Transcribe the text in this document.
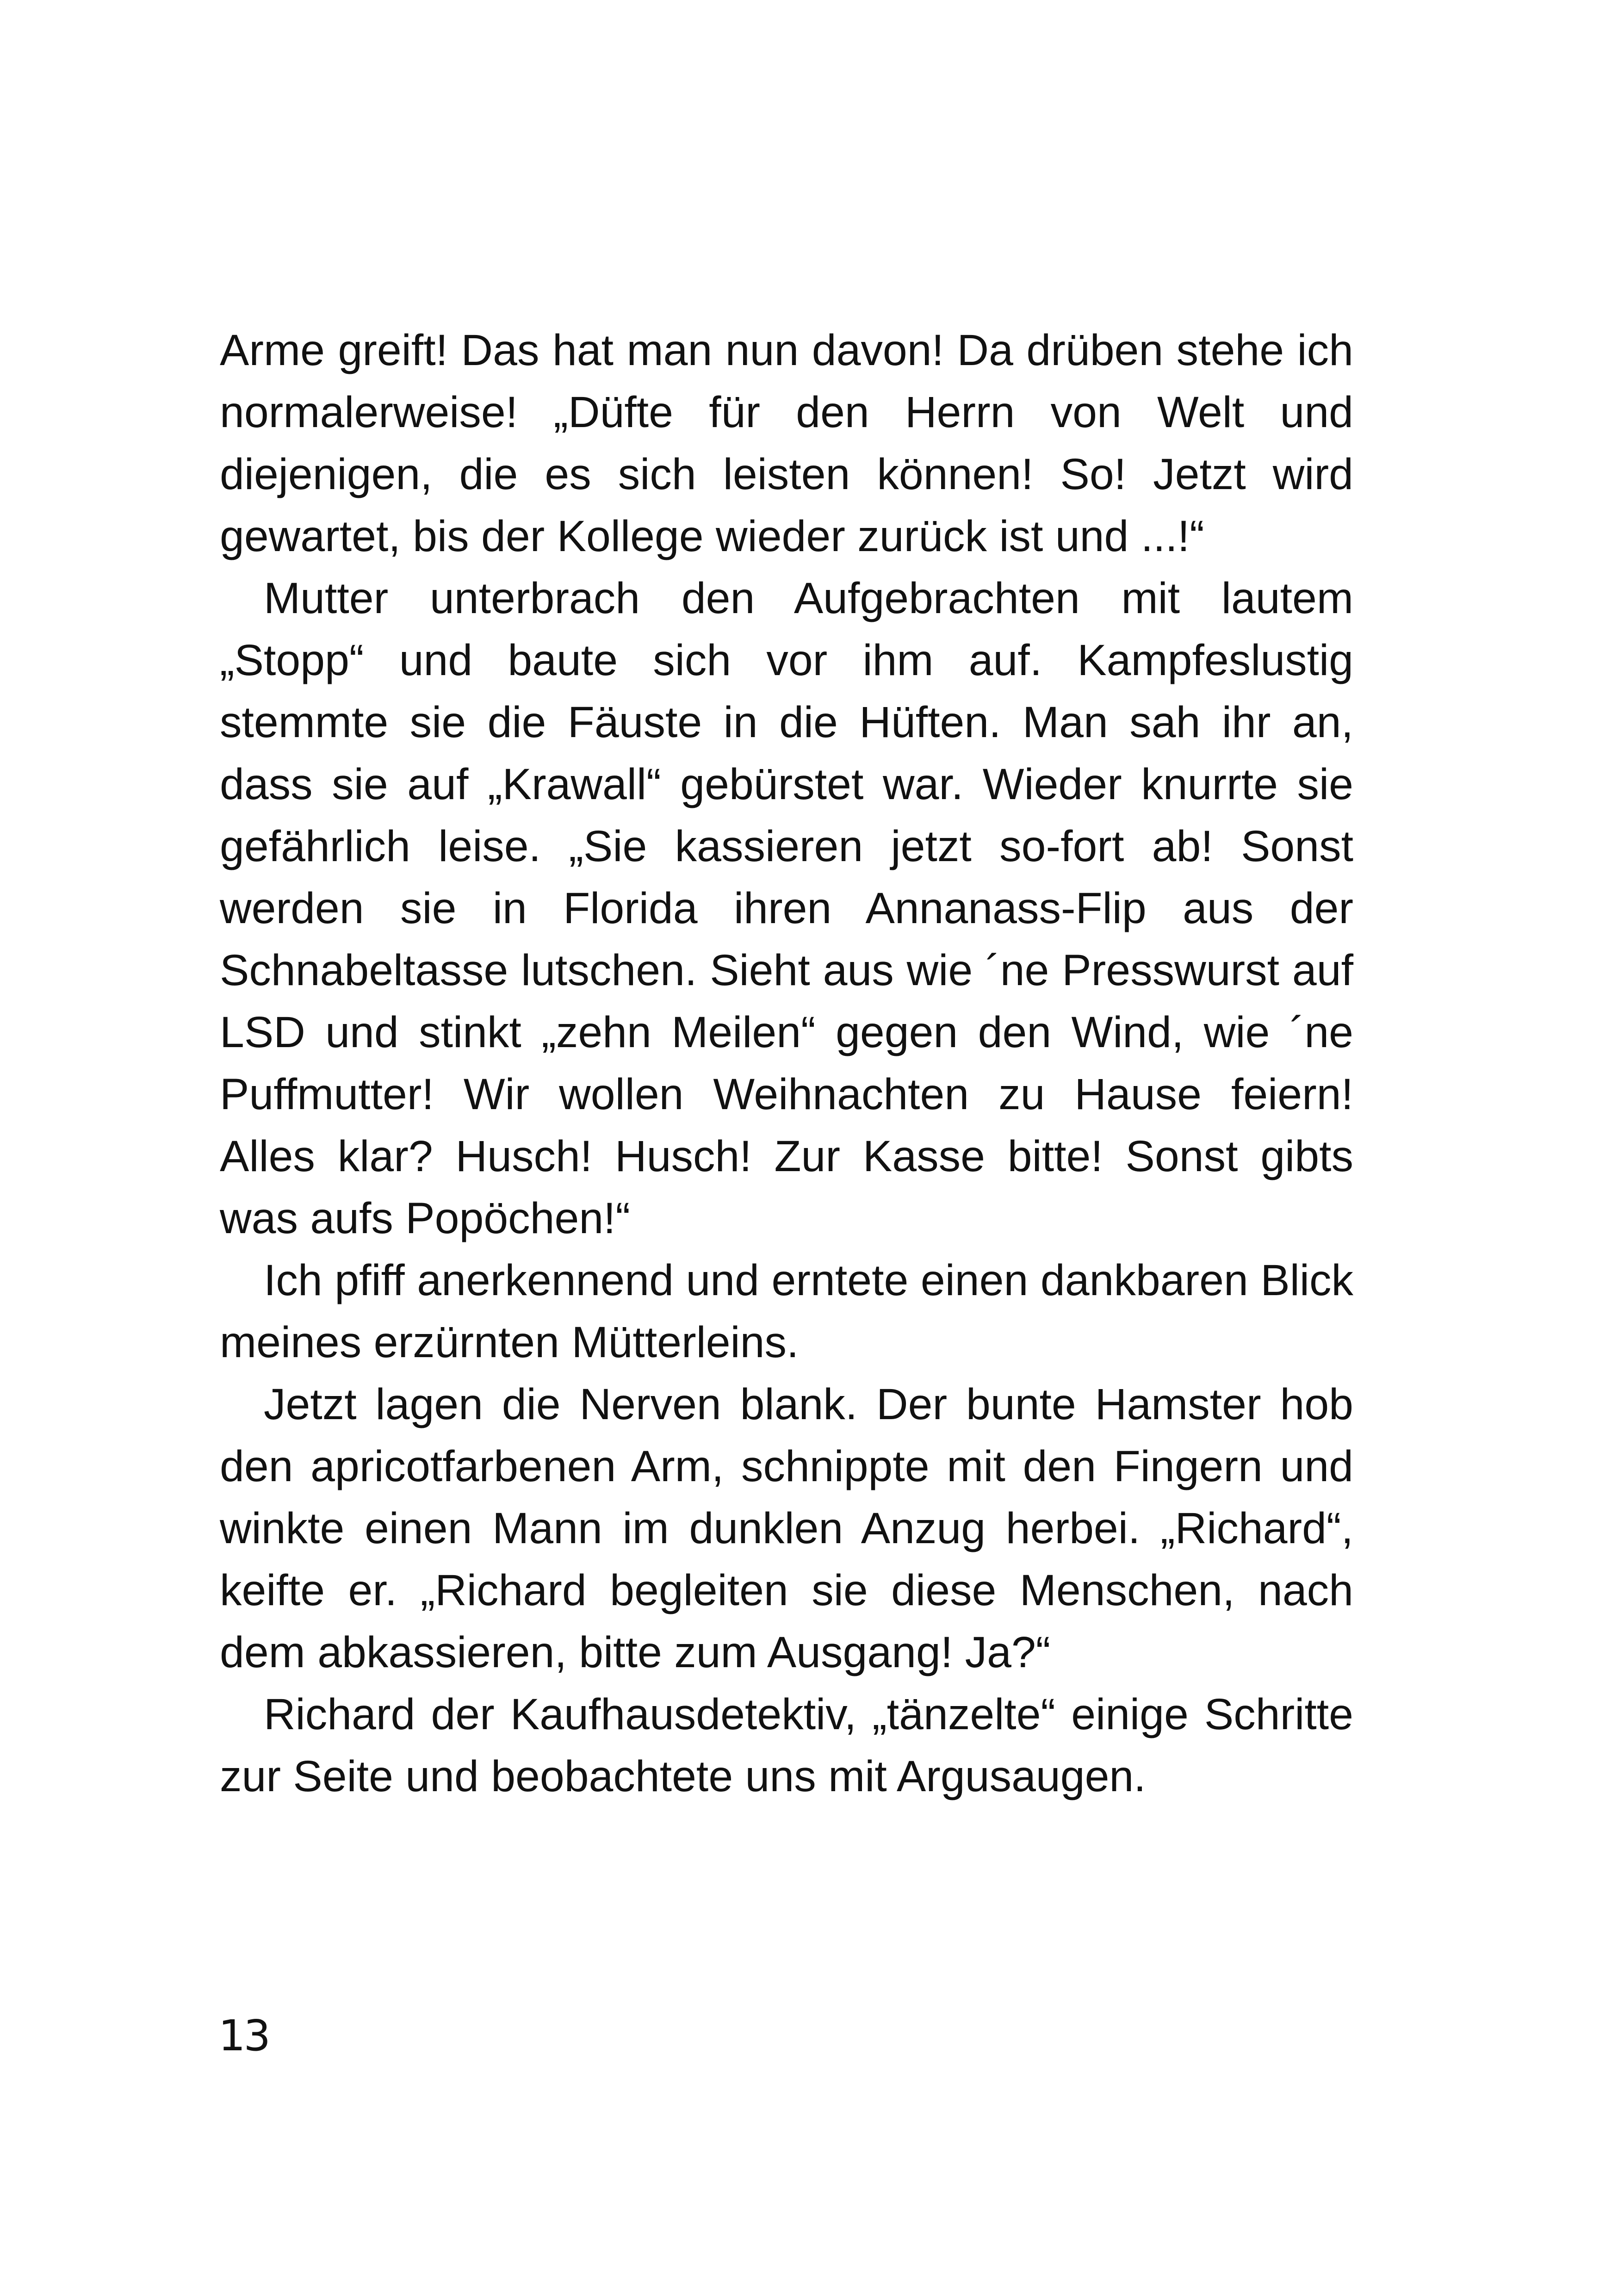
Arme greift! Das hat man nun davon! Da drüben stehe ich normalerweise! „Düfte für den Herrn von Welt und diejenigen, die es sich leisten können! So! Jetzt wird gewartet, bis der Kollege wieder zurück ist und ...!“

Mutter unterbrach den Aufgebrachten mit lautem „Stopp“ und baute sich vor ihm auf. Kampfeslustig stemmte sie die Fäuste in die Hüften. Man sah ihr an, dass sie auf „Krawall“ gebürstet war. Wieder knurrte sie gefährlich leise. „Sie kassieren jetzt so-fort ab! Sonst werden sie in Florida ihren Annanass-Flip aus der Schnabeltasse lutschen. Sieht aus wie ´ne Presswurst auf LSD und stinkt „zehn Meilen“ gegen den Wind, wie ´ne Puffmutter! Wir wollen Weihnachten zu Hause feiern! Alles klar? Husch! Husch! Zur Kasse bitte! Sonst gibts was aufs Popöchen!“

Ich pfiff anerkennend und erntete einen dankbaren Blick meines erzürnten Mütterleins.

Jetzt lagen die Nerven blank. Der bunte Hamster hob den apricotfarbenen Arm, schnippte mit den Fingern und winkte einen Mann im dunklen Anzug herbei. „Richard“, keifte er. „Richard begleiten sie diese Menschen, nach dem abkassieren, bitte zum Ausgang! Ja?“

Richard der Kaufhausdetektiv, „tänzelte“ einige Schritte zur Seite und beobachtete uns mit Argusaugen.

13
